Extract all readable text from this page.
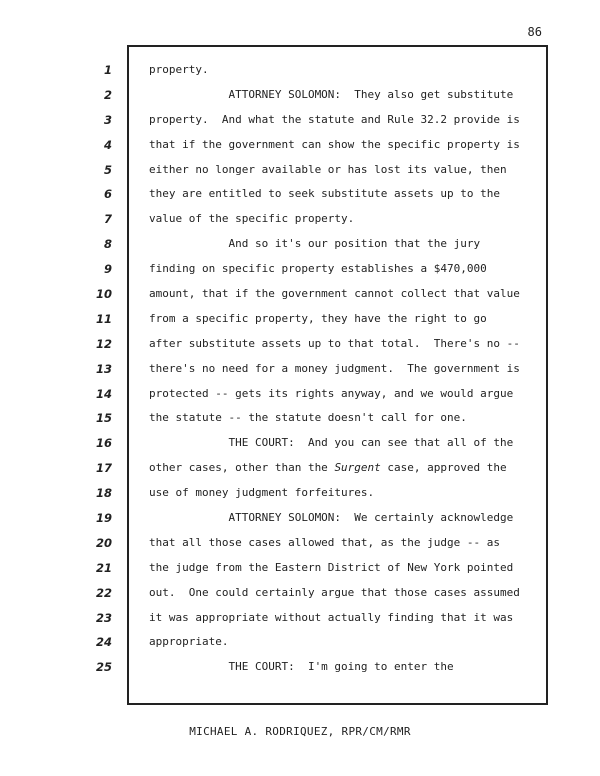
86
1
2
3
4
5
6
7
8
9
10
11
12
13
14
15
16
17
18
19
20
21
22
23
24
25
property.
ATTORNEY SOLOMON:  They also get substitute
property.  And what the statute and Rule 32.2 provide is
that if the government can show the specific property is
either no longer available or has lost its value, then
they are entitled to seek substitute assets up to the
value of the specific property.
And so it's our position that the jury
finding on specific property establishes a $470,000
amount, that if the government cannot collect that value
from a specific property, they have the right to go
after substitute assets up to that total.  There's no --
there's no need for a money judgment.  The government is
protected -- gets its rights anyway, and we would argue
the statute -- the statute doesn't call for one.
THE COURT:  And you can see that all of the
other cases, other than the Surgent case, approved the
use of money judgment forfeitures.
ATTORNEY SOLOMON:  We certainly acknowledge
that all those cases allowed that, as the judge -- as
the judge from the Eastern District of New York pointed
out.  One could certainly argue that those cases assumed
it was appropriate without actually finding that it was
appropriate.
THE COURT:  I'm going to enter the
MICHAEL A. RODRIQUEZ, RPR/CM/RMR
